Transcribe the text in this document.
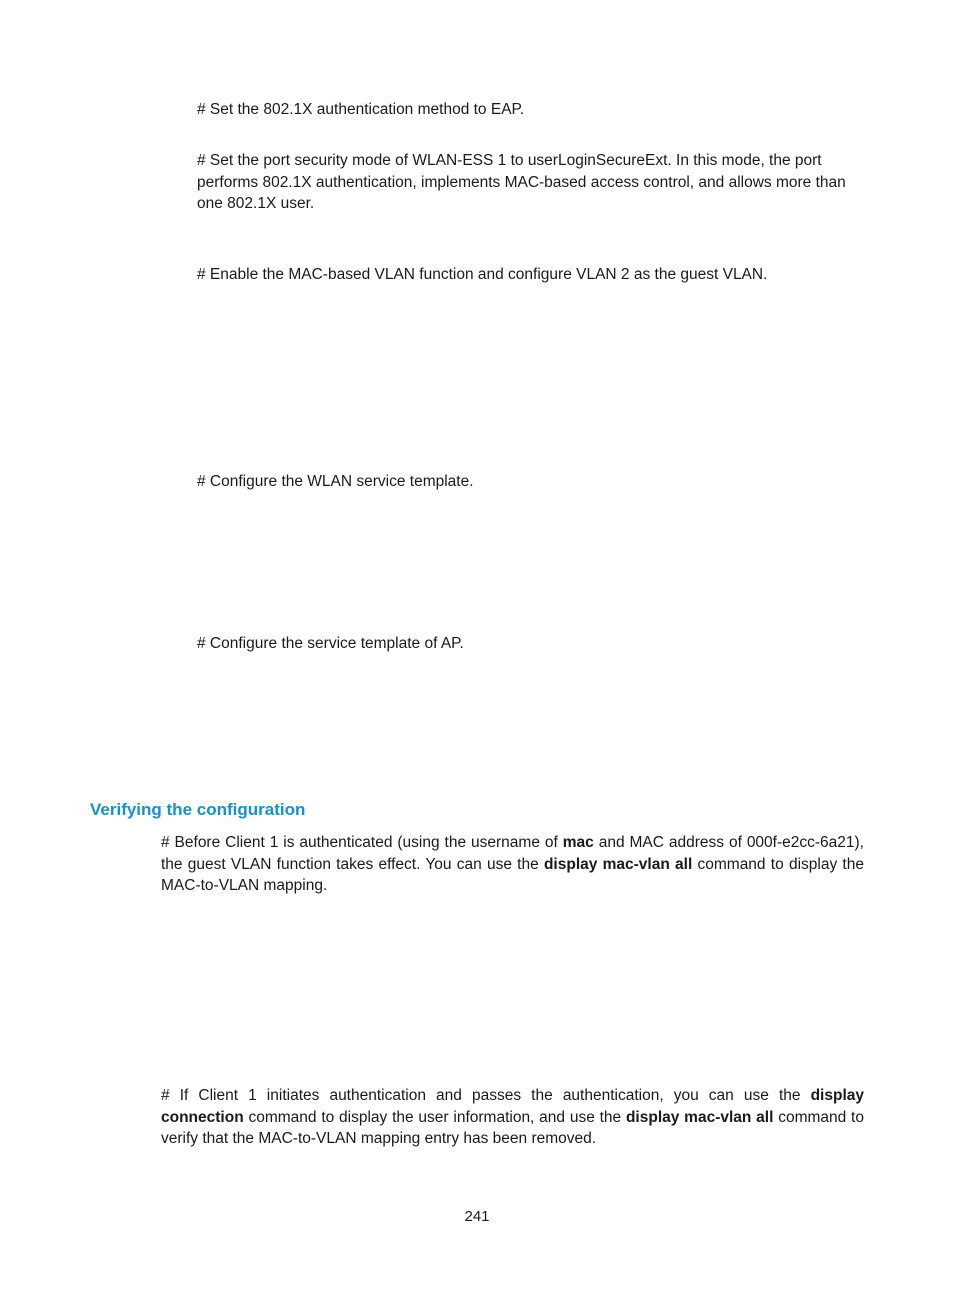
# Set the 802.1X authentication method to EAP.

# Set the port security mode of WLAN-ESS 1 to userLoginSecureExt. In this mode, the port performs 802.1X authentication, implements MAC-based access control, and allows more than one 802.1X user.

# Enable the MAC-based VLAN function and configure VLAN 2 as the guest VLAN.

# Configure the WLAN service template.

# Configure the service template of AP.

Verifying the configuration

# Before Client 1 is authenticated (using the username of mac and MAC address of 000f-e2cc-6a21), the guest VLAN function takes effect. You can use the display mac-vlan all command to display the MAC-to-VLAN mapping.

# If Client 1 initiates authentication and passes the authentication, you can use the display connection command to display the user information, and use the display mac-vlan all command to verify that the MAC-to-VLAN mapping entry has been removed.

241
